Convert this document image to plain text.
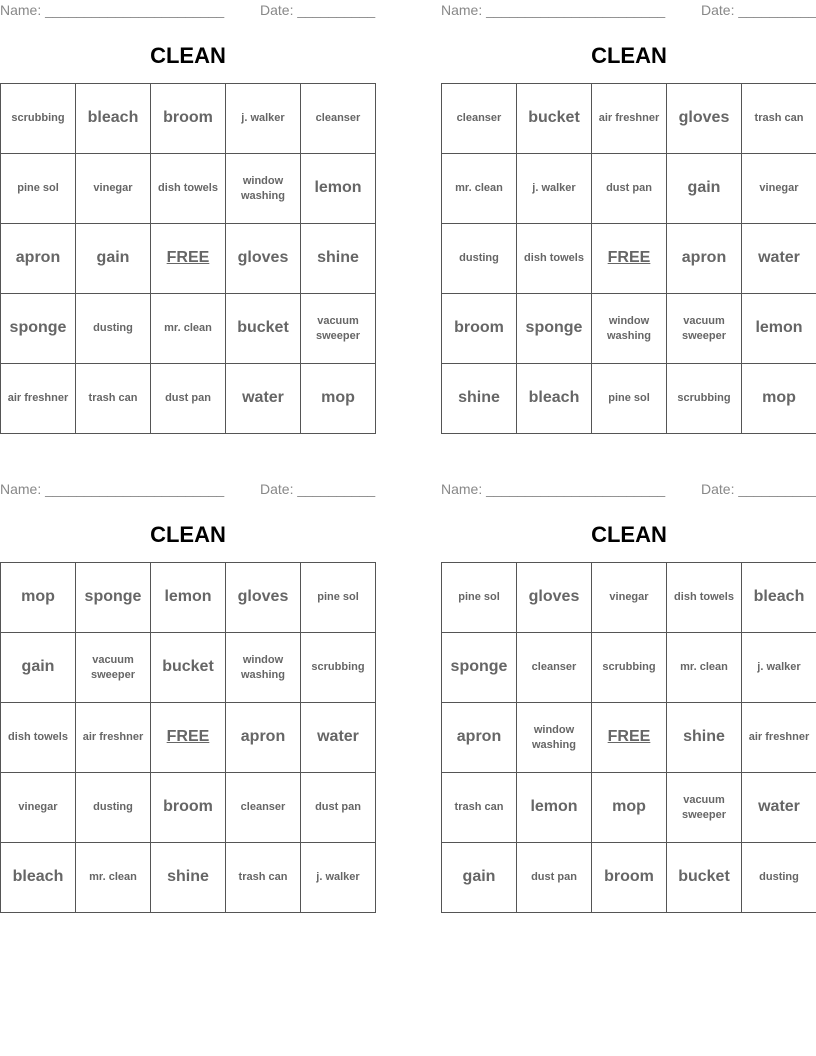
Name: _______________________	Date: __________
CLEAN
scrubbing	bleach	broom	j. walker	cleanser
pine sol	vinegar	dish towels	window washing	lemon
apron	gain	FREE	gloves	shine
sponge	dusting	mr. clean	bucket	vacuum sweeper
air freshner	trash can	dust pan	water	mop
Name: _______________________	Date: __________
CLEAN
cleanser	bucket	air freshner	gloves	trash can
mr. clean	j. walker	dust pan	gain	vinegar
dusting	dish towels	FREE	apron	water
broom	sponge	window washing	vacuum sweeper	lemon
shine	bleach	pine sol	scrubbing	mop
Name: _______________________	Date: __________
CLEAN
mop	sponge	lemon	gloves	pine sol
gain	vacuum sweeper	bucket	window washing	scrubbing
dish towels	air freshner	FREE	apron	water
vinegar	dusting	broom	cleanser	dust pan
bleach	mr. clean	shine	trash can	j. walker
Name: _______________________	Date: __________
CLEAN
pine sol	gloves	vinegar	dish towels	bleach
sponge	cleanser	scrubbing	mr. clean	j. walker
apron	window washing	FREE	shine	air freshner
trash can	lemon	mop	vacuum sweeper	water
gain	dust pan	broom	bucket	dusting
